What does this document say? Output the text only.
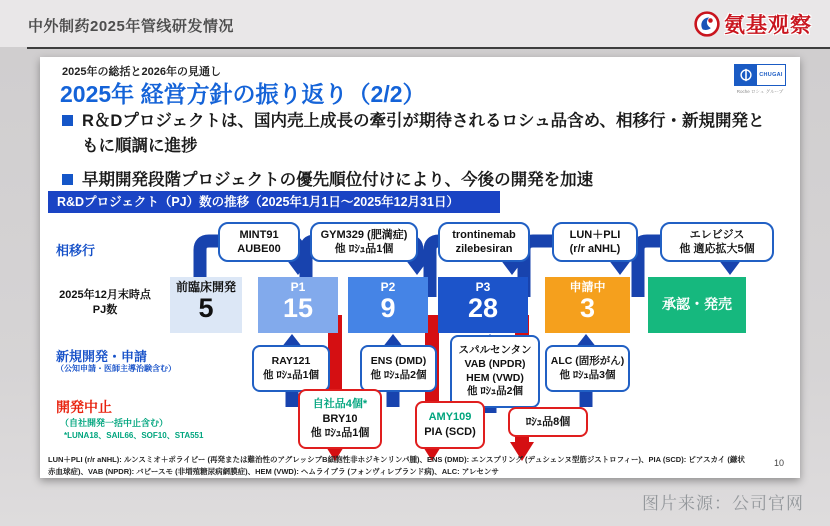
中外制药2025年管线研发情况	氨基观察
2025年の総括と2026年の見通し
2025年 経営方針の振り返り（2/2）
CHUGAI
Roche ロシュ グループ
R＆Dプロジェクトは、国内売上成長の牽引が期待されるロシュ品含め、相移行・新規開発ともに順調に進捗
早期開発段階プロジェクトの優先順位付けにより、今後の開発を加速
R&Dプロジェクト（PJ）数の推移（2025年1月1日～2025年12月31日）
相移行
2025年12月末時点
PJ数
新規開発・申請
（公知申請・医師主導治験含む）
開発中止
（自社開発一括中止含む）
*LUNA18、SAIL66、SOF10、STA551
MINT91
AUBE00
GYM329 (肥満症)
他 ﾛｼｭ品1個
trontinemab
zilebesiran
LUN＋PLI
(r/r aNHL)
エレビジス
他 適応拡大5個
前臨床開発
5
P1
15
P2
9
P3
28
申請中
3	承認・発売
RAY121
他 ﾛｼｭ品1個
ENS (DMD)
他 ﾛｼｭ品2個
スパルセンタン
VAB (NPDR)
HEM (VWD)
他 ﾛｼｭ品2個
ALC (固形がん)
他 ﾛｼｭ品3個
自社品4個*
BRY10
他 ﾛｼｭ品1個
AMY109
PIA (SCD)
ﾛｼｭ品8個
LUN＋PLI (r/r aNHL): ルンスミオ＋ポライビー (再発または難治性のアグレッシブB細胞性非ホジキンリンパ腫)、ENS (DMD): エンスプリング (デュシェンヌ型筋ジストロフィー)、PIA (SCD): ピアスカイ (鎌状赤血球症)、VAB (NPDR): バビースモ (非増殖糖尿病網膜症)、HEM (VWD): ヘムライブラ (フォンヴィレブランド病)、ALC: アレセンサ
10
图片来源：公司官网
